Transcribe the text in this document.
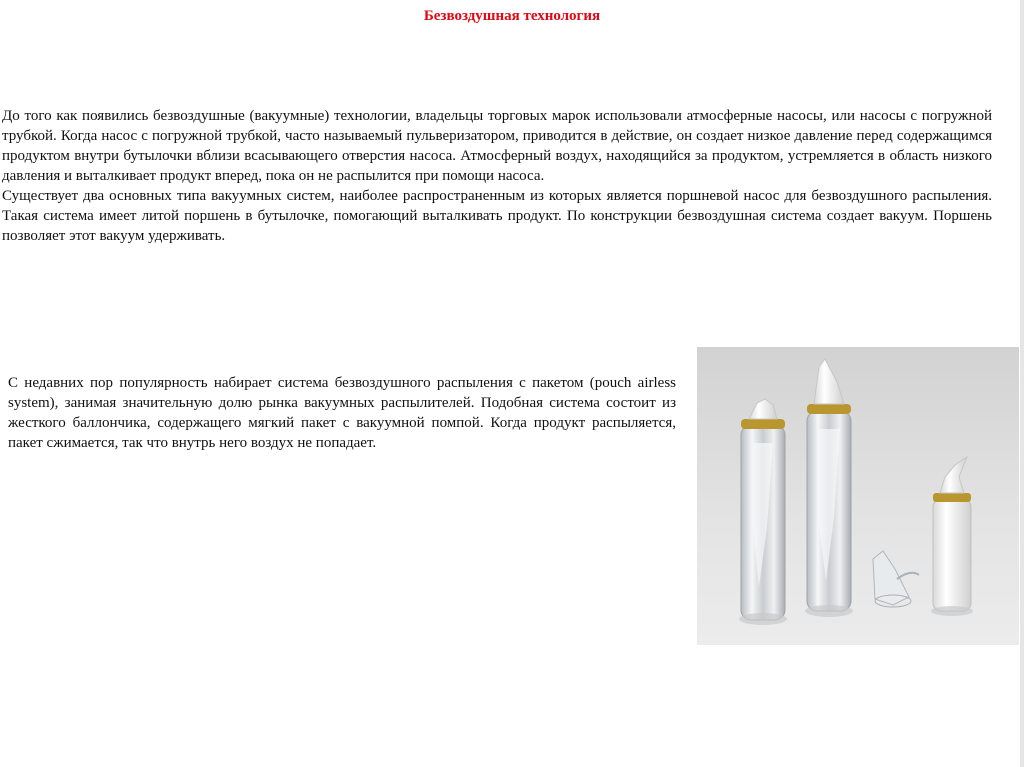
Безвоздушная технология
До того как появились безвоздушные (вакуумные) технологии, владельцы торговых марок использовали атмосферные насосы, или насосы с погружной трубкой. Когда насос с погружной трубкой, часто называемый пульверизатором, приводится в действие, он создает низкое давление перед содержащимся продуктом внутри бутылочки вблизи всасывающего отверстия насоса. Атмосферный воздух, находящийся за продуктом, устремляется в область низкого давления и выталкивает продукт вперед, пока он не распылится при помощи насоса.
Существует два основных типа вакуумных систем, наиболее распространенным из которых является поршневой насос для безвоздушного распыления. Такая система имеет литой поршень в бутылочке, помогающий выталкивать продукт. По конструкции безвоздушная система создает вакуум. Поршень позволяет этот вакуум удерживать.

С недавних пор популярность набирает система безвоздушного распыления с пакетом (pouch airless system), занимая значительную долю рынка вакуумных распылителей. Подобная система состоит из жесткого баллончика, содержащего мягкий пакет с вакуумной помпой. Когда продукт распыляется, пакет сжимается, так что внутрь него воздух не попадает.
